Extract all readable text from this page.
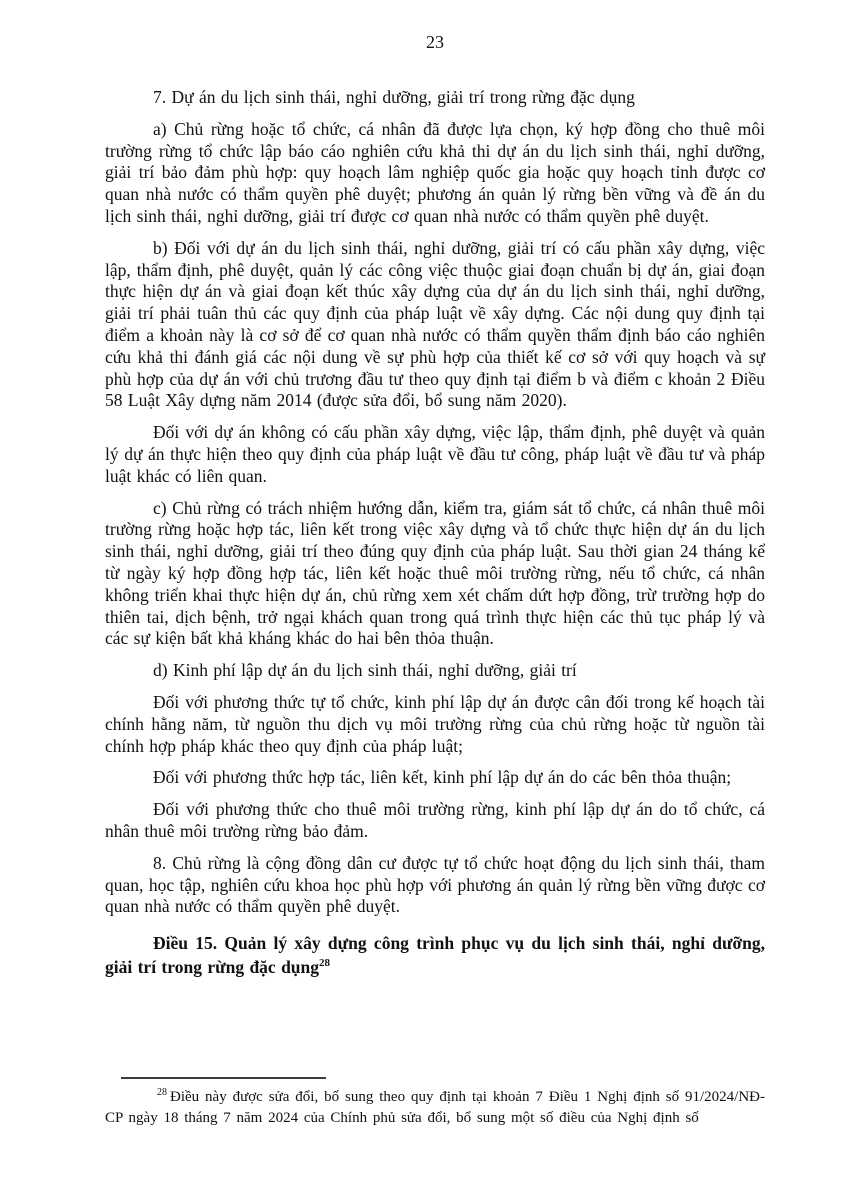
23

7. Dự án du lịch sinh thái, nghỉ dưỡng, giải trí trong rừng đặc dụng

a) Chủ rừng hoặc tổ chức, cá nhân đã được lựa chọn, ký hợp đồng cho thuê môi trường rừng tổ chức lập báo cáo nghiên cứu khả thi dự án du lịch sinh thái, nghỉ dưỡng, giải trí bảo đảm phù hợp: quy hoạch lâm nghiệp quốc gia hoặc quy hoạch tỉnh được cơ quan nhà nước có thẩm quyền phê duyệt; phương án quản lý rừng bền vững và đề án du lịch sinh thái, nghỉ dưỡng, giải trí được cơ quan nhà nước có thẩm quyền phê duyệt.

b) Đối với dự án du lịch sinh thái, nghỉ dưỡng, giải trí có cấu phần xây dựng, việc lập, thẩm định, phê duyệt, quản lý các công việc thuộc giai đoạn chuẩn bị dự án, giai đoạn thực hiện dự án và giai đoạn kết thúc xây dựng của dự án du lịch sinh thái, nghỉ dưỡng, giải trí phải tuân thủ các quy định của pháp luật về xây dựng. Các nội dung quy định tại điểm a khoản này là cơ sở để cơ quan nhà nước có thẩm quyền thẩm định báo cáo nghiên cứu khả thi đánh giá các nội dung về sự phù hợp của thiết kế cơ sở với quy hoạch và sự phù hợp của dự án với chủ trương đầu tư theo quy định tại điểm b và điểm c khoản 2 Điều 58 Luật Xây dựng năm 2014 (được sửa đổi, bổ sung năm 2020).

Đối với dự án không có cấu phần xây dựng, việc lập, thẩm định, phê duyệt và quản lý dự án thực hiện theo quy định của pháp luật về đầu tư công, pháp luật về đầu tư và pháp luật khác có liên quan.

c) Chủ rừng có trách nhiệm hướng dẫn, kiểm tra, giám sát tổ chức, cá nhân thuê môi trường rừng hoặc hợp tác, liên kết trong việc xây dựng và tổ chức thực hiện dự án du lịch sinh thái, nghỉ dưỡng, giải trí theo đúng quy định của pháp luật. Sau thời gian 24 tháng kể từ ngày ký hợp đồng hợp tác, liên kết hoặc thuê môi trường rừng, nếu tổ chức, cá nhân không triển khai thực hiện dự án, chủ rừng xem xét chấm dứt hợp đồng, trừ trường hợp do thiên tai, dịch bệnh, trở ngại khách quan trong quá trình thực hiện các thủ tục pháp lý và các sự kiện bất khả kháng khác do hai bên thỏa thuận.

d) Kinh phí lập dự án du lịch sinh thái, nghỉ dưỡng, giải trí

Đối với phương thức tự tổ chức, kinh phí lập dự án được cân đối trong kế hoạch tài chính hằng năm, từ nguồn thu dịch vụ môi trường rừng của chủ rừng hoặc từ nguồn tài chính hợp pháp khác theo quy định của pháp luật;

Đối với phương thức hợp tác, liên kết, kinh phí lập dự án do các bên thỏa thuận;

Đối với phương thức cho thuê môi trường rừng, kinh phí lập dự án do tổ chức, cá nhân thuê môi trường rừng bảo đảm.

8. Chủ rừng là cộng đồng dân cư được tự tổ chức hoạt động du lịch sinh thái, tham quan, học tập, nghiên cứu khoa học phù hợp với phương án quản lý rừng bền vững được cơ quan nhà nước có thẩm quyền phê duyệt.

Điều 15. Quản lý xây dựng công trình phục vụ du lịch sinh thái, nghỉ dưỡng, giải trí trong rừng đặc dụng$^{28}$

$^{28}$ Điều này được sửa đổi, bổ sung theo quy định tại khoản 7 Điều 1 Nghị định số 91/2024/NĐ-CP ngày 18 tháng 7 năm 2024 của Chính phủ sửa đổi, bổ sung một số điều của Nghị định số
